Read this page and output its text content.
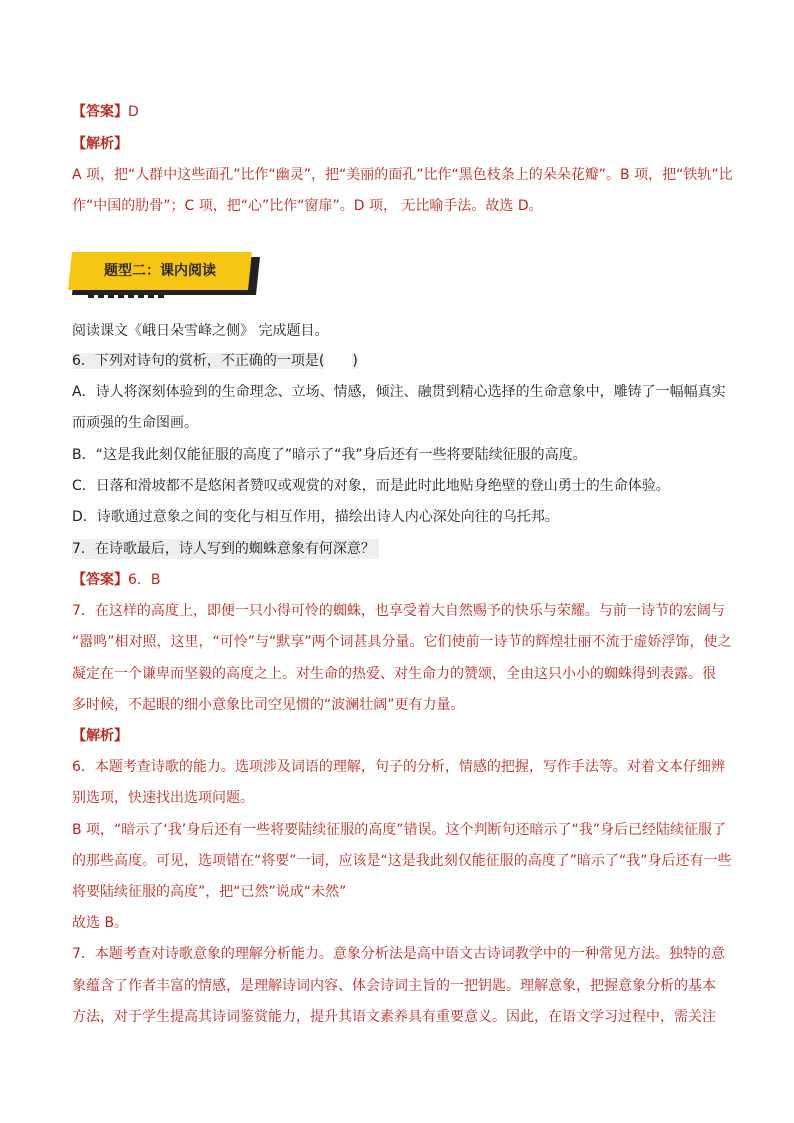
【答案】D
【解析】
A 项，把“人群中这些面孔”比作“幽灵”，把“美丽的面孔”比作“黑色枝条上的朵朵花瓣”。B 项，把“铁轨”比
作“中国的肋骨”；C 项，把“心”比作“窗扉”。D 项， 无比喻手法。故选 D。
题型二：课内阅读
阅读课文《峨日朵雪峰之侧》 完成题目。
6．下列对诗句的赏析，不正确的一项是( )
A．诗人将深刻体验到的生命理念、立场、情感，倾注、融贯到精心选择的生命意象中，雕铸了一幅幅真实
而顽强的生命图画。
B．“这是我此刻仅能征服的高度了”暗示了“我”身后还有一些将要陆续征服的高度。
C．日落和滑坡都不是悠闲者赞叹或观赏的对象，而是此时此地贴身绝壁的登山勇士的生命体验。
D．诗歌通过意象之间的变化与相互作用，描绘出诗人内心深处向往的乌托邦。
7．在诗歌最后，诗人写到的蜘蛛意象有何深意？
【答案】6．B
7．在这样的高度上，即便一只小得可怜的蜘蛛，也享受着大自然赐予的快乐与荣耀。与前一诗节的宏阔与
“嚣鸣”相对照，这里，“可怜”与“默享”两个词甚具分量。它们使前一诗节的辉煌壮丽不流于虚娇浮饰，使之
凝定在一个谦卑而坚毅的高度之上。对生命的热爱、对生命力的赞颂，全由这只小小的蜘蛛得到表露。很
多时候，不起眼的细小意象比司空见惯的“波澜壮阔”更有力量。
【解析】
6．本题考查诗歌的能力。选项涉及词语的理解，句子的分析，情感的把握，写作手法等。对着文本仔细辨
别选项，快速找出选项问题。
B 项，“暗示了‘我’身后还有一些将要陆续征服的高度”错误。这个判断句还暗示了“我”身后已经陆续征服了
的那些高度。可见，选项错在“将要”一词，应该是“这是我此刻仅能征服的高度了”暗示了“我”身后还有一些
将要陆续征服的高度”，把“已然”说成“未然”
故选 B。
7．本题考查对诗歌意象的理解分析能力。意象分析法是高中语文古诗词教学中的一种常见方法。独特的意
象蕴含了作者丰富的情感，是理解诗词内容、体会诗词主旨的一把钥匙。理解意象，把握意象分析的基本
方法，对于学生提高其诗词鉴赏能力，提升其语文素养具有重要意义。因此，在语文学习过程中，需关注
